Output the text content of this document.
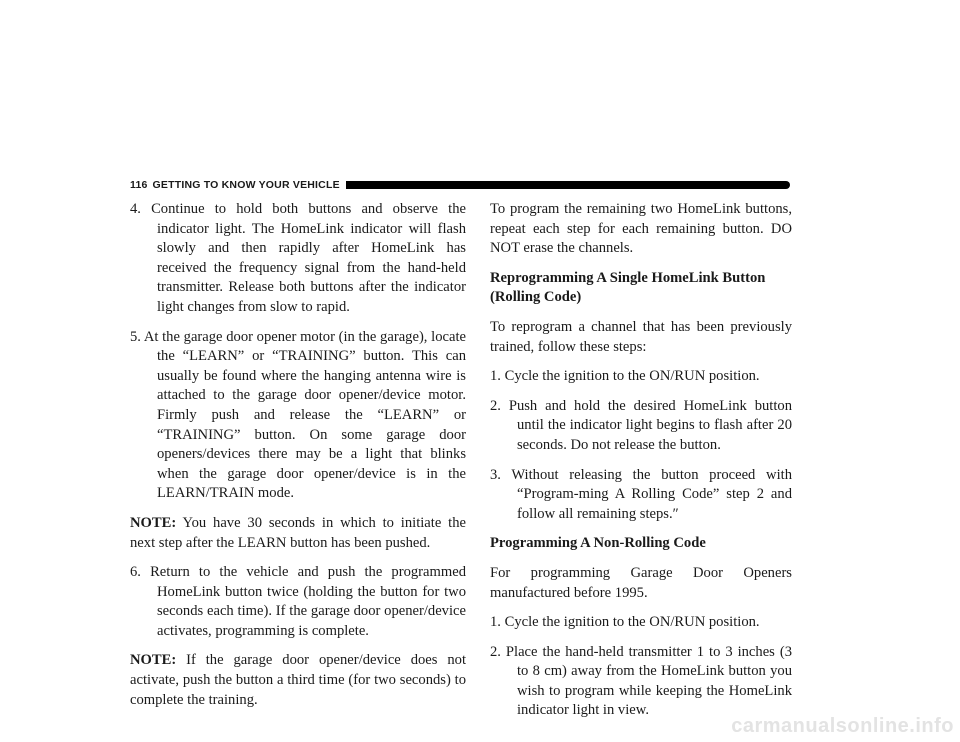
116 GETTING TO KNOW YOUR VEHICLE

4. Continue to hold both buttons and observe the indicator light. The HomeLink indicator will flash slowly and then rapidly after HomeLink has received the frequency signal from the hand-held transmitter. Release both buttons after the indicator light changes from slow to rapid.

5. At the garage door opener motor (in the garage), locate the “LEARN” or “TRAINING” button. This can usually be found where the hanging antenna wire is attached to the garage door opener/device motor. Firmly push and release the “LEARN” or “TRAINING” button. On some garage door openers/devices there may be a light that blinks when the garage door opener/device is in the LEARN/TRAIN mode.

NOTE: You have 30 seconds in which to initiate the next step after the LEARN button has been pushed.

6. Return to the vehicle and push the programmed HomeLink button twice (holding the button for two seconds each time). If the garage door opener/device activates, programming is complete.

NOTE: If the garage door opener/device does not activate, push the button a third time (for two seconds) to complete the training.

To program the remaining two HomeLink buttons, repeat each step for each remaining button. DO NOT erase the channels.

Reprogramming A Single HomeLink Button (Rolling Code)

To reprogram a channel that has been previously trained, follow these steps:

1. Cycle the ignition to the ON/RUN position.

2. Push and hold the desired HomeLink button until the indicator light begins to flash after 20 seconds. Do not release the button.

3. Without releasing the button proceed with “Program-ming A Rolling Code” step 2 and follow all remaining steps.″

Programming A Non-Rolling Code

For programming Garage Door Openers manufactured before 1995.

1. Cycle the ignition to the ON/RUN position.

2. Place the hand-held transmitter 1 to 3 inches (3 to 8 cm) away from the HomeLink button you wish to program while keeping the HomeLink indicator light in view.

carmanualsonline.info
